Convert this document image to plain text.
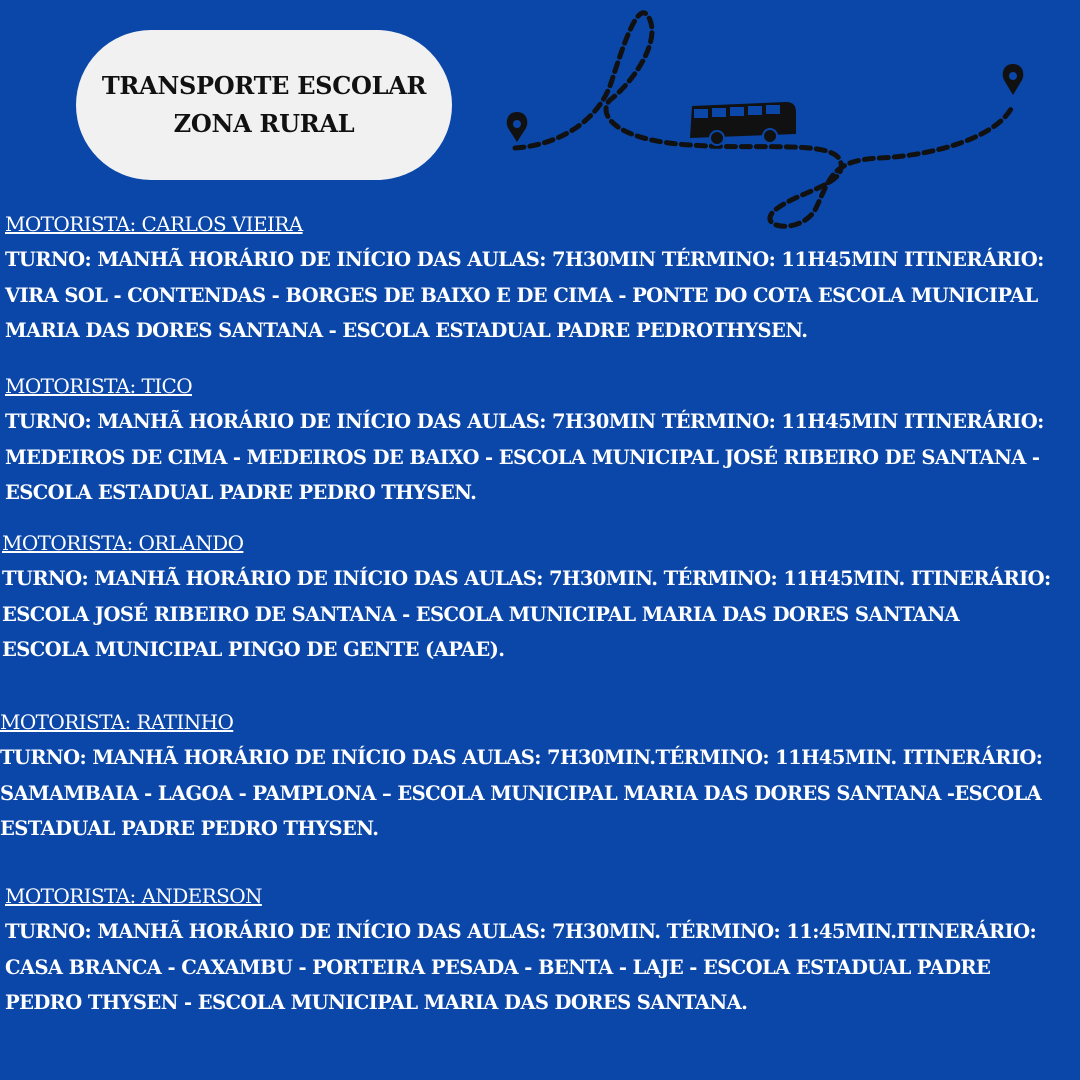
TRANSPORTE ESCOLAR
ZONA RURAL

MOTORISTA: CARLOS VIEIRA

TURNO: MANHÃ HORÁRIO DE INÍCIO DAS AULAS: 7H30MIN TÉRMINO: 11H45MIN ITINERÁRIO:

VIRA SOL - CONTENDAS - BORGES DE BAIXO E DE CIMA - PONTE DO COTA ESCOLA MUNICIPAL

MARIA DAS DORES SANTANA - ESCOLA ESTADUAL PADRE PEDROTHYSEN.

MOTORISTA: TICO

TURNO: MANHÃ HORÁRIO DE INÍCIO DAS AULAS: 7H30MIN TÉRMINO: 11H45MIN ITINERÁRIO:

MEDEIROS DE CIMA - MEDEIROS DE BAIXO - ESCOLA MUNICIPAL JOSÉ RIBEIRO DE SANTANA -

ESCOLA ESTADUAL PADRE PEDRO THYSEN.

MOTORISTA: ORLANDO

TURNO: MANHÃ HORÁRIO DE INÍCIO DAS AULAS: 7H30MIN. TÉRMINO: 11H45MIN. ITINERÁRIO:

ESCOLA JOSÉ RIBEIRO DE SANTANA - ESCOLA MUNICIPAL MARIA DAS DORES SANTANA

ESCOLA MUNICIPAL PINGO DE GENTE (APAE).

MOTORISTA: RATINHO

TURNO: MANHÃ HORÁRIO DE INÍCIO DAS AULAS: 7H30MIN.TÉRMINO: 11H45MIN. ITINERÁRIO:

SAMAMBAIA - LAGOA - PAMPLONA – ESCOLA MUNICIPAL MARIA DAS DORES SANTANA -ESCOLA

ESTADUAL PADRE PEDRO THYSEN.

MOTORISTA: ANDERSON

TURNO: MANHÃ HORÁRIO DE INÍCIO DAS AULAS: 7H30MIN. TÉRMINO: 11:45MIN.ITINERÁRIO:

CASA BRANCA - CAXAMBU - PORTEIRA PESADA - BENTA - LAJE - ESCOLA ESTADUAL PADRE

PEDRO THYSEN - ESCOLA MUNICIPAL MARIA DAS DORES SANTANA.
